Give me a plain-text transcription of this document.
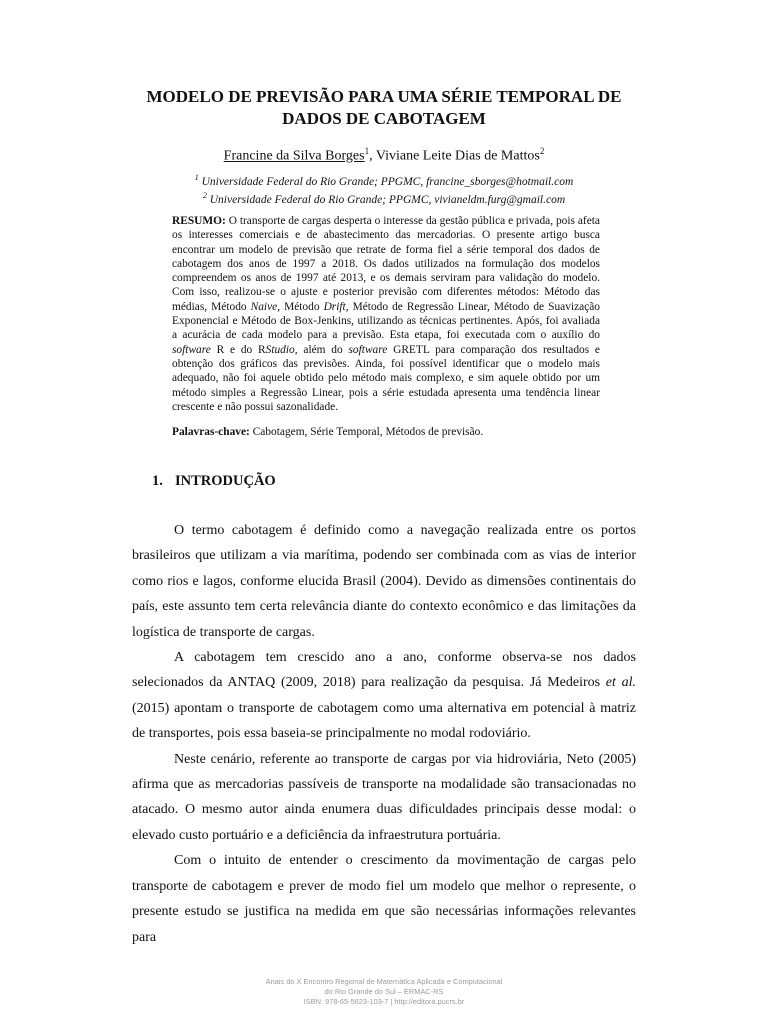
MODELO DE PREVISÃO PARA UMA SÉRIE TEMPORAL DE DADOS DE CABOTAGEM
Francine da Silva Borges$^1$, Viviane Leite Dias de Mattos$^2$
$^1$ Universidade Federal do Rio Grande; PPGMC, francine_sborges@hotmail.com
$^2$ Universidade Federal do Rio Grande; PPGMC, vivianeldm.furg@gmail.com
RESUMO: O transporte de cargas desperta o interesse da gestão pública e privada, pois afeta os interesses comerciais e de abastecimento das mercadorias. O presente artigo busca encontrar um modelo de previsão que retrate de forma fiel a série temporal dos dados de cabotagem dos anos de 1997 a 2018. Os dados utilizados na formulação dos modelos compreendem os anos de 1997 até 2013, e os demais serviram para validação do modelo. Com isso, realizou-se o ajuste e posterior previsão com diferentes métodos: Método das médias, Método Naive, Método Drift, Método de Regressão Linear, Método de Suavização Exponencial e Método de Box-Jenkins, utilizando as técnicas pertinentes. Após, foi avaliada a acurácia de cada modelo para a previsão. Esta etapa, foi executada com o auxílio do software R e do RStudio, além do software GRETL para comparação dos resultados e obtenção dos gráficos das previsões. Ainda, foi possível identificar que o modelo mais adequado, não foi aquele obtido pelo método mais complexo, e sim aquele obtido por um método simples a Regressão Linear, pois a série estudada apresenta uma tendência linear crescente e não possui sazonalidade.
Palavras-chave: Cabotagem, Série Temporal, Métodos de previsão.
1. INTRODUÇÃO

O termo cabotagem é definido como a navegação realizada entre os portos brasileiros que utilizam a via marítima, podendo ser combinada com as vias de interior como rios e lagos, conforme elucida Brasil (2004). Devido as dimensões continentais do país, este assunto tem certa relevância diante do contexto econômico e das limitações da logística de transporte de cargas.

A cabotagem tem crescido ano a ano, conforme observa-se nos dados selecionados da ANTAQ (2009, 2018) para realização da pesquisa. Já Medeiros et al. (2015) apontam o transporte de cabotagem como uma alternativa em potencial à matriz de transportes, pois essa baseia-se principalmente no modal rodoviário.

Neste cenário, referente ao transporte de cargas por via hidroviária, Neto (2005) afirma que as mercadorias passíveis de transporte na modalidade são transacionadas no atacado. O mesmo autor ainda enumera duas dificuldades principais desse modal: o elevado custo portuário e a deficiência da infraestrutura portuária.

Com o intuito de entender o crescimento da movimentação de cargas pelo transporte de cabotagem e prever de modo fiel um modelo que melhor o represente, o presente estudo se justifica na medida em que são necessárias informações relevantes para

Anais do X Encontro Regional de Matemática Aplicada e Computacional
do Rio Grande do Sul – ERMAC-RS
ISBN: 978-65-5623-103-7 | http://editora.pucrs.br
